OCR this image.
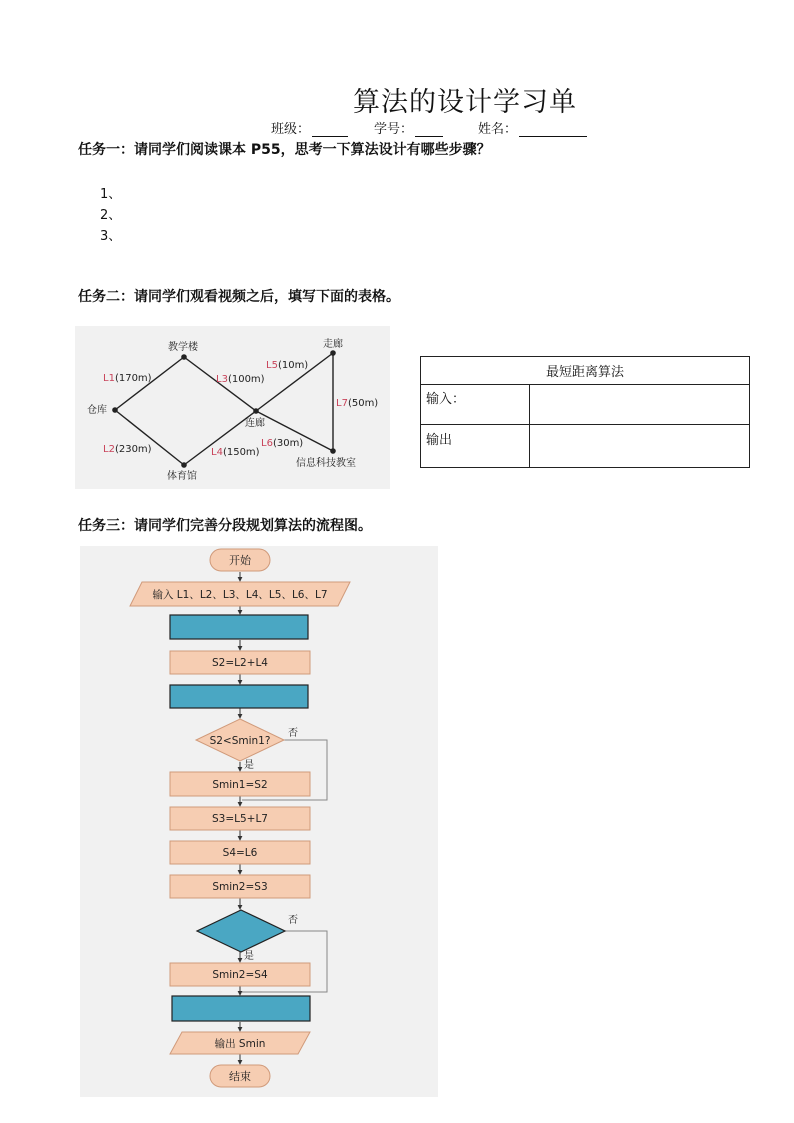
算法的设计学习单
班级：	学号：	姓名：
任务一：请同学们阅读课本 P55，思考一下算法设计有哪些步骤？
1、
2、
3、
任务二：请同学们观看视频之后，填写下面的表格。
教学楼
仓库
连廊
走廊
体育馆
信息科技教室
L1(170m)
L2(230m)
L3(100m)
L4(150m)
L5(10m)
L6(30m)
L7(50m)
最短距离算法	
输入：	
输出	
任务三：请同学们完善分段规划算法的流程图。
开始
输入 L1、L2、L3、L4、L5、L6、L7
S2=L2+L4
S2<Smin1?
否
是
Smin1=S2
S3=L5+L7
S4=L6
Smin2=S3
否
是
Smin2=S4
输出 Smin
结束
